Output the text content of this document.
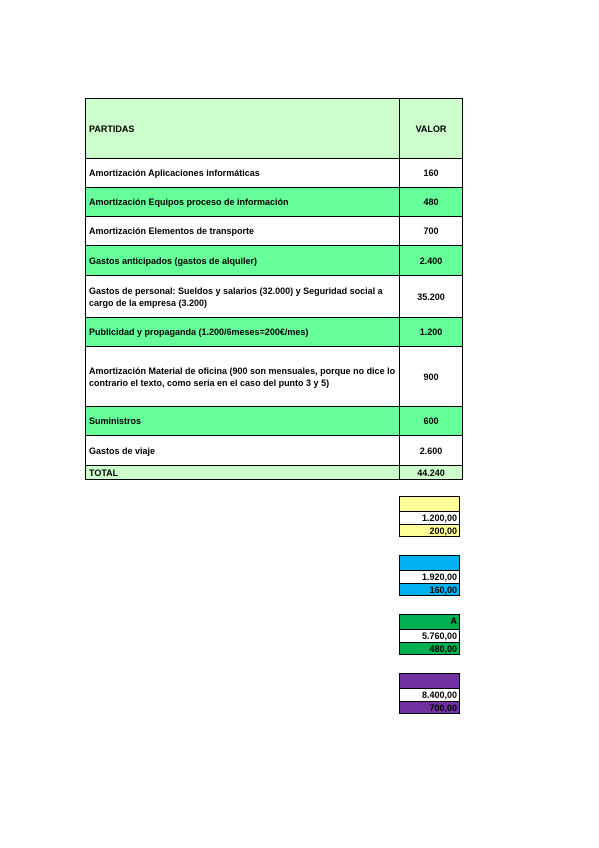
PARTIDAS	VALOR
Amortización Aplicaciones informáticas	160
Amortización Equipos proceso de información	480
Amortización Elementos de transporte	700
Gastos anticipados (gastos de alquiler)	2.400
Gastos de personal: Sueldos y salarios (32.000) y Seguridad social a cargo de la empresa (3.200)	35.200
Publicidad y propaganda (1.200/6meses=200€/mes)	1.200
Amortización Material de oficina (900 son mensuales, porque no dice lo contrario el texto, como sería en el caso del punto 3 y 5)	900
Suministros	600
Gastos de viaje	2.600
TOTAL	44.240
1.200,00
200,00
1.920,00
160,00
A
5.760,00
480,00
8.400,00
700,00
